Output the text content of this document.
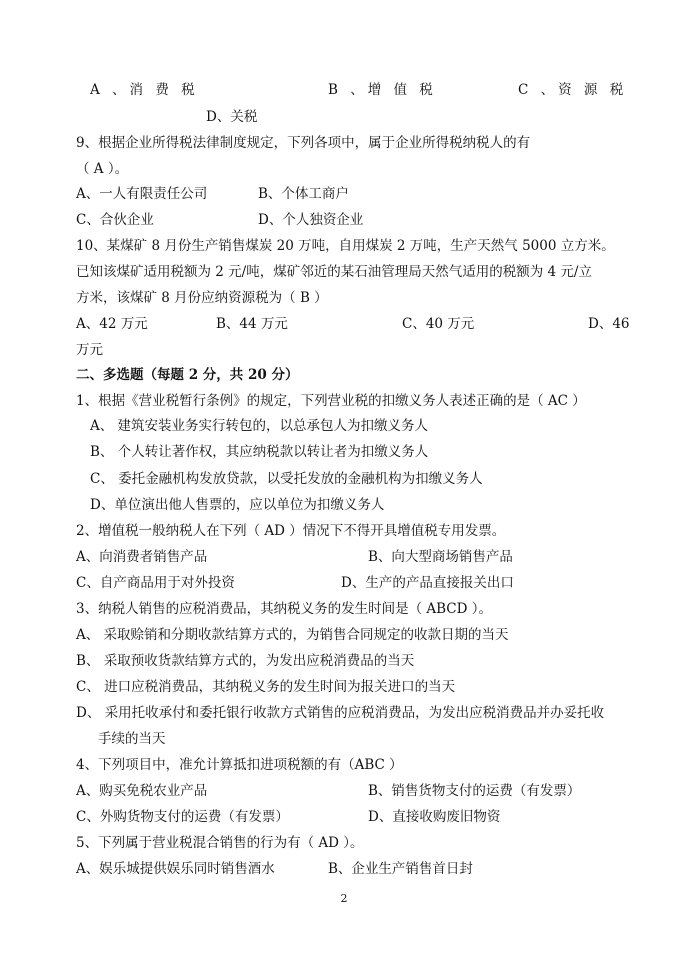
A 、消 费 税	B 、增 值 税	C 、资 源 税
D、关税
9、根据企业所得税法律制度规定，下列各项中，属于企业所得税纳税人的有
（ A ）。
A、一人有限责任公司	B、个体工商户
C、合伙企业	D、个人独资企业
10、某煤矿 8 月份生产销售煤炭 20 万吨，自用煤炭 2 万吨，生产天然气 5000 立方米。
已知该煤矿适用税额为 2 元/吨，煤矿邻近的某石油管理局天然气适用的税额为 4 元/立
方米，该煤矿 8 月份应纳资源税为（ B ）
A、42 万元	B、44 万元	C、40 万元	D、46
万元
二、多选题（每题 2 分，共 20 分）
1、根据《营业税暂行条例》的规定，下列营业税的扣缴义务人表述正确的是（ AC ）
A、 建筑安装业务实行转包的，以总承包人为扣缴义务人
B、 个人转让著作权，其应纳税款以转让者为扣缴义务人
C、 委托金融机构发放贷款，以受托发放的金融机构为扣缴义务人
D、单位演出他人售票的，应以单位为扣缴义务人
2、增值税一般纳税人在下列（ AD ）情况下不得开具增值税专用发票。
A、向消费者销售产品	B、向大型商场销售产品
C、自产商品用于对外投资	D、生产的产品直接报关出口
3、纳税人销售的应税消费品，其纳税义务的发生时间是（ ABCD ）。
A、 采取赊销和分期收款结算方式的，为销售合同规定的收款日期的当天
B、 采取预收货款结算方式的，为发出应税消费品的当天
C、 进口应税消费品，其纳税义务的发生时间为报关进口的当天
D、 采用托收承付和委托银行收款方式销售的应税消费品，为发出应税消费品并办妥托收
手续的当天
4、下列项目中，准允计算抵扣进项税额的有（ABC ）
A、购买免税农业产品	B、销售货物支付的运费（有发票）
C、外购货物支付的运费（有发票）	D、直接收购废旧物资
5、下列属于营业税混合销售的行为有（ AD ）。
A、娱乐城提供娱乐同时销售酒水	B、企业生产销售首日封
2
